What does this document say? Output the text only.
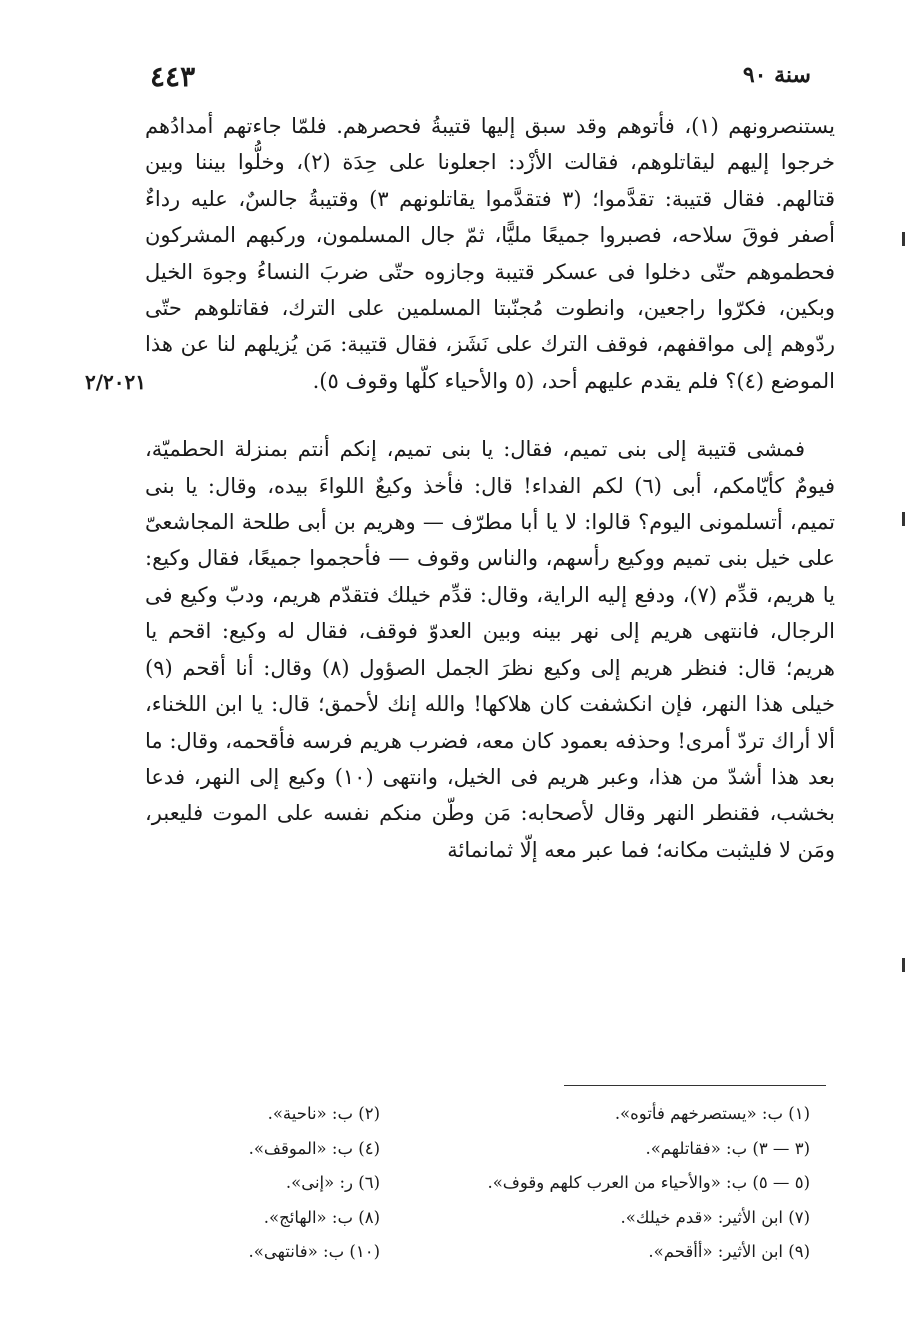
٤٤٣	سنة ٩٠
٢/٢٠٢١

يستنصرونهم (١)، فأتوهم وقد سبق إليها قتيبةُ فحصرهم. فلمّا جاءتهم أمدادُهم خرجوا إليهم ليقاتلوهم، فقالت الأزْد: اجعلونا على حِدَة (٢)، وخلُّوا بيننا وبين قتالهم. فقال قتيبة: تقدَّموا؛ (٣ فتقدَّموا يقاتلونهم ٣) وقتيبةُ جالسٌ، عليه رداءٌ أصفر فوقَ سلاحه، فصبروا جميعًا مليًّا، ثمّ جال المسلمون، وركبهم المشركون فحطموهم حتّى دخلوا فى عسكر قتيبة وجازوه حتّى ضربَ النساءُ وجوهَ الخيل وبكين، فكرّوا راجعين، وانطوت مُجنّبتا المسلمين على الترك، فقاتلوهم حتّى ردّوهم إلى مواقفهم، فوقف الترك على نَشَز، فقال قتيبة: مَن يُزيلهم لنا عن هذا الموضع (٤)؟ فلم يقدم عليهم أحد، (٥ والأحياء كلّها وقوف ٥).

فمشى قتيبة إلى بنى تميم، فقال: يا بنى تميم، إنكم أنتم بمنزلة الحطميّة، فيومٌ كأيّامكم، أبى (٦) لكم الفداء! قال: فأخذ وكيعٌ اللواءَ بيده، وقال: يا بنى تميم، أتسلمونى اليوم؟ قالوا: لا يا أبا مطرّف — وهريم بن أبى طلحة المجاشعىّ على خيل بنى تميم ووكيع رأسهم، والناس وقوف — فأحجموا جميعًا، فقال وكيع: يا هريم، قدِّم (٧)، ودفع إليه الراية، وقال: قدِّم خيلك فتقدّم هريم، ودبّ وكيع فى الرجال، فانتهى هريم إلى نهر بينه وبين العدوّ فوقف، فقال له وكيع: اقحم يا هريم؛ قال: فنظر هريم إلى وكيع نظرَ الجمل الصؤول (٨) وقال: أنا أقحم (٩) خيلى هذا النهر، فإن انكشفت كان هلاكها! والله إنك لأحمق؛ قال: يا ابن اللخناء، ألا أراك تردّ أمرى! وحذفه بعمود كان معه، فضرب هريم فرسه فأقحمه، وقال: ما بعد هذا أشدّ من هذا، وعبر هريم فى الخيل، وانتهى (١٠) وكيع إلى النهر، فدعا بخشب، فقنطر النهر وقال لأصحابه: مَن وطّن منكم نفسه على الموت فليعبر، ومَن لا فليثبت مكانه؛ فما عبر معه إلّا ثمانمائة

(١) ب: «يستصرخهم فأتوه».
(٣ — ٣) ب: «فقاتلهم».
(٥ — ٥) ب: «والأحياء من العرب كلهم وقوف».
(٧) ابن الأثير: «قدم خيلك».
(٩) ابن الأثير: «أأقحم».
(٢) ب: «ناحية».
(٤) ب: «الموقف».
(٦) ر: «إنى».
(٨) ب: «الهائج».
(١٠) ب: «فانتهى».
